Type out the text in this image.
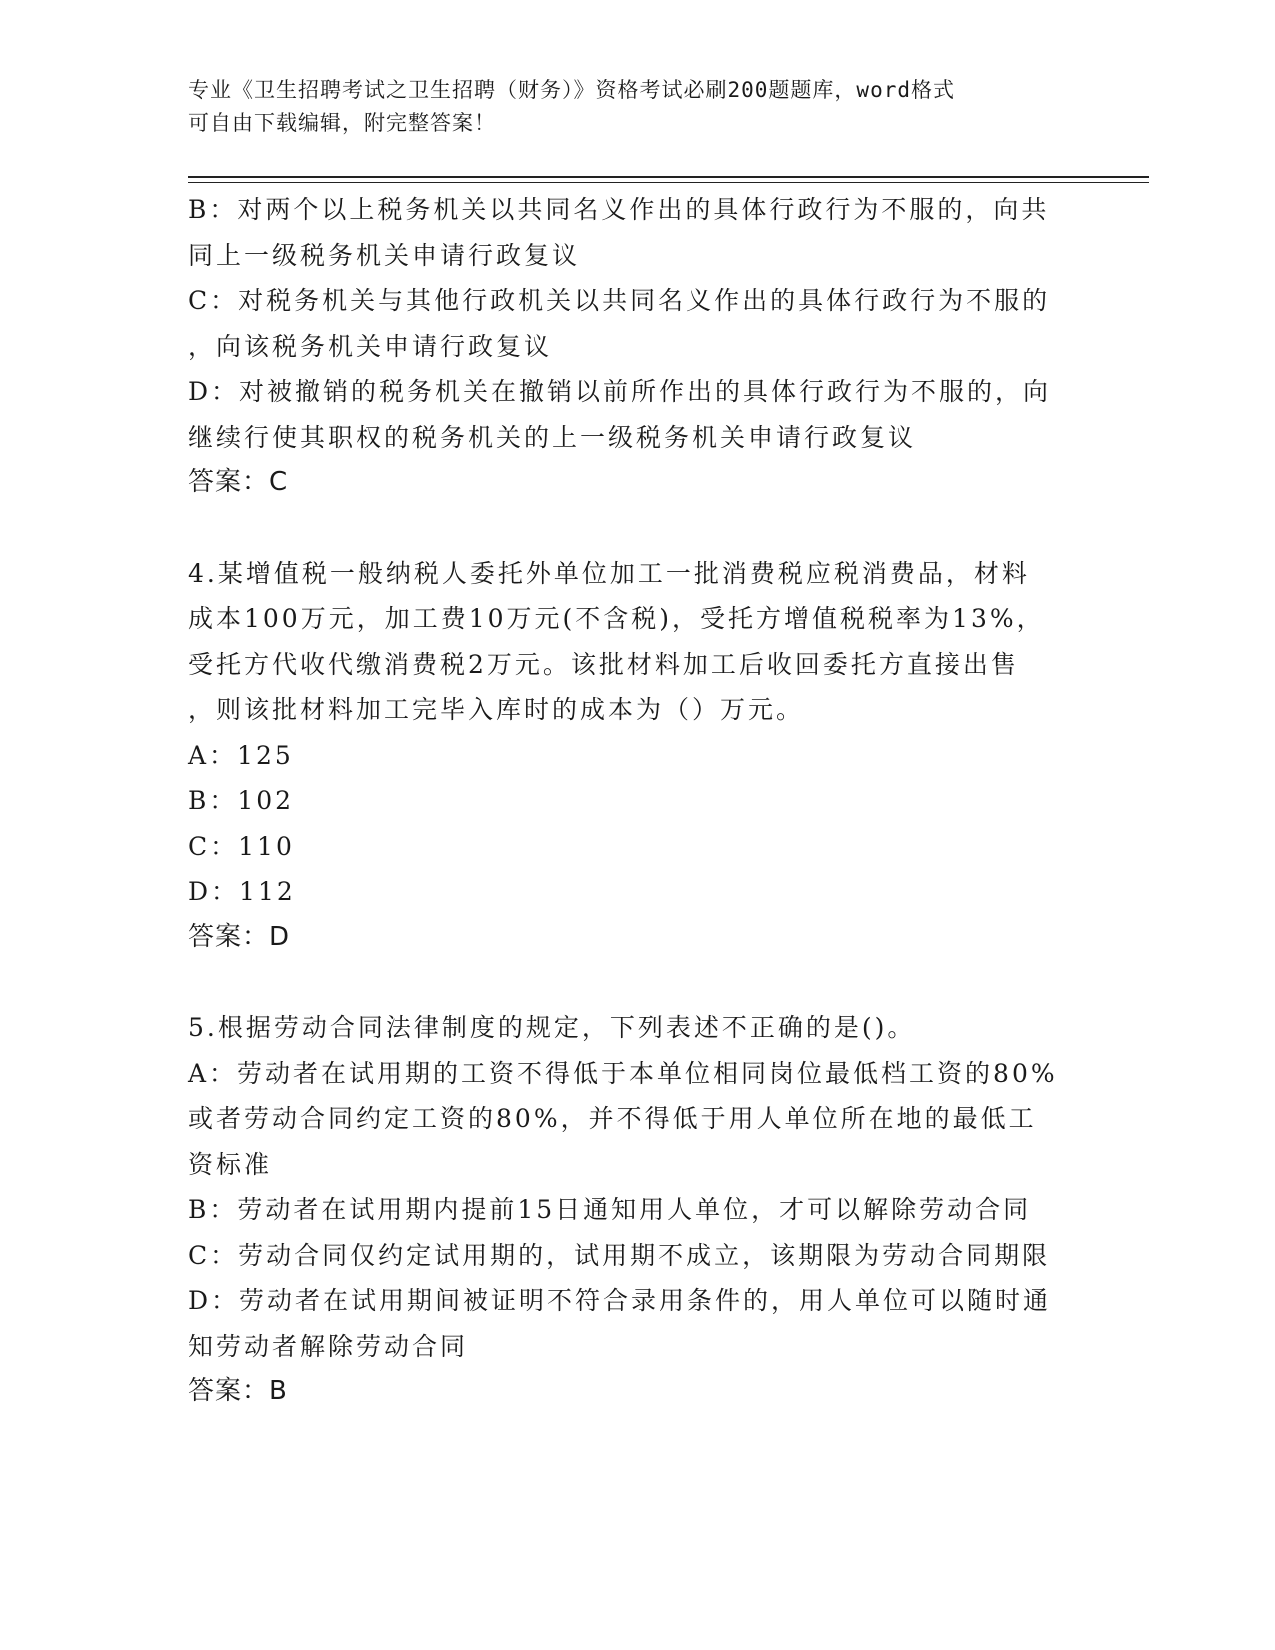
专业《卫生招聘考试之卫生招聘（财务）》资格考试必刷200题题库，word格式
可自由下载编辑，附完整答案！

B：对两个以上税务机关以共同名义作出的具体行政行为不服的，向共

同上一级税务机关申请行政复议

C：对税务机关与其他行政机关以共同名义作出的具体行政行为不服的

，向该税务机关申请行政复议

D：对被撤销的税务机关在撤销以前所作出的具体行政行为不服的，向

继续行使其职权的税务机关的上一级税务机关申请行政复议

答案：C

4.某增值税一般纳税人委托外单位加工一批消费税应税消费品，材料

成本100万元，加工费10万元(不含税)，受托方增值税税率为13%，

受托方代收代缴消费税2万元。该批材料加工后收回委托方直接出售

，则该批材料加工完毕入库时的成本为（）万元。

A：125

B：102

C：110

D：112

答案：D

5.根据劳动合同法律制度的规定，下列表述不正确的是()。

A：劳动者在试用期的工资不得低于本单位相同岗位最低档工资的80%

或者劳动合同约定工资的80%，并不得低于用人单位所在地的最低工

资标准

B：劳动者在试用期内提前15日通知用人单位，才可以解除劳动合同

C：劳动合同仅约定试用期的，试用期不成立，该期限为劳动合同期限

D：劳动者在试用期间被证明不符合录用条件的，用人单位可以随时通

知劳动者解除劳动合同

答案：B
